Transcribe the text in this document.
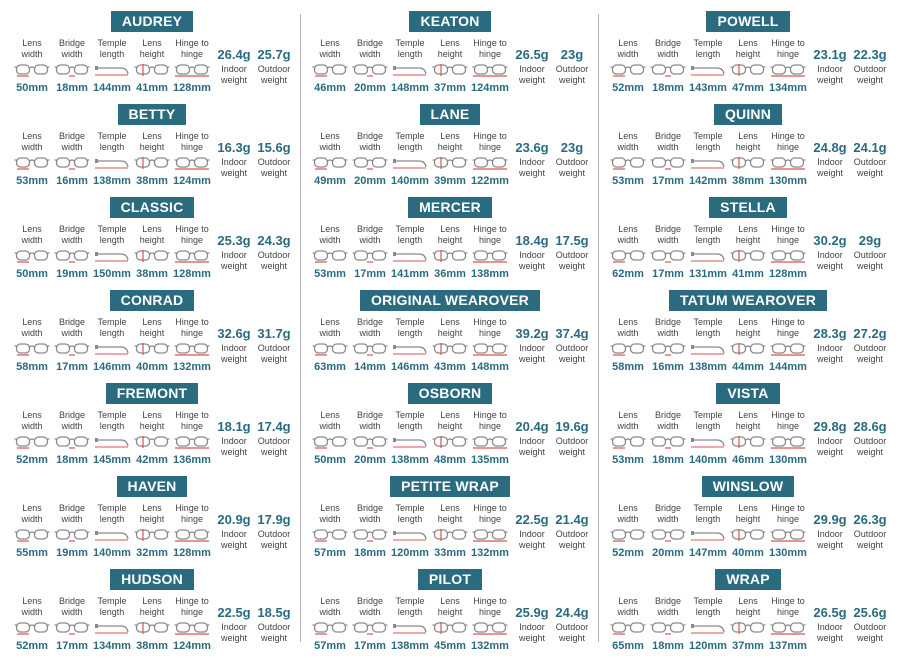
AUDREY
Lens width
50mm
Bridge width
18mm
Temple length
144mm
Lens height
41mm
Hinge to hinge
128mm
26.4g
Indoor weight
25.7g
Outdoor weight
BETTY
Lens width
53mm
Bridge width
16mm
Temple length
138mm
Lens height
38mm
Hinge to hinge
124mm
16.3g
Indoor weight
15.6g
Outdoor weight
CLASSIC
Lens width
50mm
Bridge width
19mm
Temple length
150mm
Lens height
38mm
Hinge to hinge
128mm
25.3g
Indoor weight
24.3g
Outdoor weight
CONRAD
Lens width
58mm
Bridge width
17mm
Temple length
146mm
Lens height
40mm
Hinge to hinge
132mm
32.6g
Indoor weight
31.7g
Outdoor weight
FREMONT
Lens width
52mm
Bridge width
18mm
Temple length
145mm
Lens height
42mm
Hinge to hinge
136mm
18.1g
Indoor weight
17.4g
Outdoor weight
HAVEN
Lens width
55mm
Bridge width
19mm
Temple length
140mm
Lens height
32mm
Hinge to hinge
128mm
20.9g
Indoor weight
17.9g
Outdoor weight
HUDSON
Lens width
52mm
Bridge width
17mm
Temple length
134mm
Lens height
38mm
Hinge to hinge
124mm
22.5g
Indoor weight
18.5g
Outdoor weight
KEATON
Lens width
46mm
Bridge width
20mm
Temple length
148mm
Lens height
37mm
Hinge to hinge
124mm
26.5g
Indoor weight
23g
Outdoor weight
LANE
Lens width
49mm
Bridge width
20mm
Temple length
140mm
Lens height
39mm
Hinge to hinge
122mm
23.6g
Indoor weight
23g
Outdoor weight
MERCER
Lens width
53mm
Bridge width
17mm
Temple length
141mm
Lens height
36mm
Hinge to hinge
138mm
18.4g
Indoor weight
17.5g
Outdoor weight
ORIGINAL WEAROVER
Lens width
63mm
Bridge width
14mm
Temple length
146mm
Lens height
43mm
Hinge to hinge
148mm
39.2g
Indoor weight
37.4g
Outdoor weight
OSBORN
Lens width
50mm
Bridge width
20mm
Temple length
138mm
Lens height
48mm
Hinge to hinge
135mm
20.4g
Indoor weight
19.6g
Outdoor weight
PETITE WRAP
Lens width
57mm
Bridge width
18mm
Temple length
120mm
Lens height
33mm
Hinge to hinge
132mm
22.5g
Indoor weight
21.4g
Outdoor weight
PILOT
Lens width
57mm
Bridge width
17mm
Temple length
138mm
Lens height
45mm
Hinge to hinge
132mm
25.9g
Indoor weight
24.4g
Outdoor weight
POWELL
Lens width
52mm
Bridge width
18mm
Temple length
143mm
Lens height
47mm
Hinge to hinge
134mm
23.1g
Indoor weight
22.3g
Outdoor weight
QUINN
Lens width
53mm
Bridge width
17mm
Temple length
142mm
Lens height
38mm
Hinge to hinge
130mm
24.8g
Indoor weight
24.1g
Outdoor weight
STELLA
Lens width
62mm
Bridge width
17mm
Temple length
131mm
Lens height
41mm
Hinge to hinge
128mm
30.2g
Indoor weight
29g
Outdoor weight
TATUM WEAROVER
Lens width
58mm
Bridge width
16mm
Temple length
138mm
Lens height
44mm
Hinge to hinge
144mm
28.3g
Indoor weight
27.2g
Outdoor weight
VISTA
Lens width
53mm
Bridge width
18mm
Temple length
140mm
Lens height
46mm
Hinge to hinge
130mm
29.8g
Indoor weight
28.6g
Outdoor weight
WINSLOW
Lens width
52mm
Bridge width
20mm
Temple length
147mm
Lens height
40mm
Hinge to hinge
130mm
29.9g
Indoor weight
26.3g
Outdoor weight
WRAP
Lens width
65mm
Bridge width
18mm
Temple length
120mm
Lens height
37mm
Hinge to hinge
137mm
26.5g
Indoor weight
25.6g
Outdoor weight
